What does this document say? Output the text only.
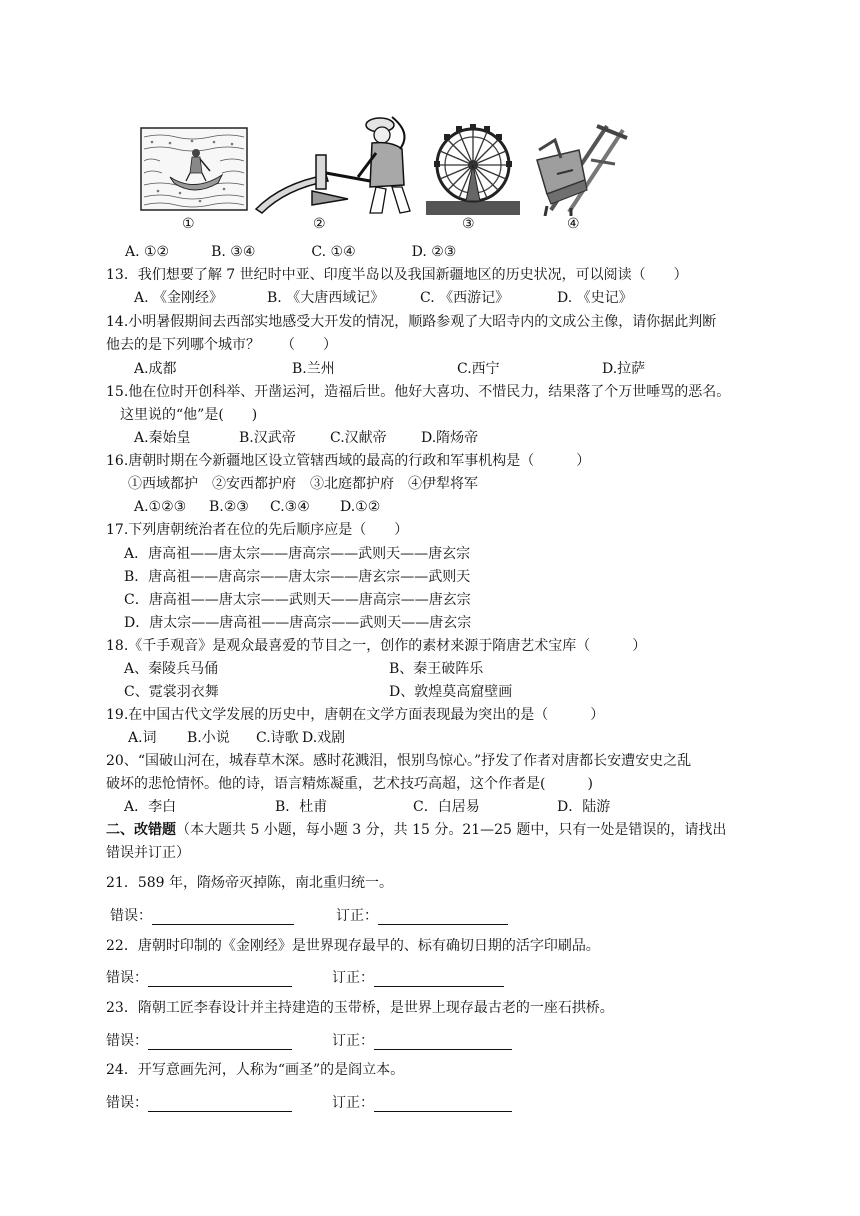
①	②	③	④
A. ①②　　　B. ③④　　　　C. ①④　　　　D. ②③
13．我们想要了解 7 世纪时中亚、印度半岛以及我国新疆地区的历史状况，可以阅读（　　）
A. 《金刚经》	B. 《大唐西域记》	C. 《西游记》	D. 《史记》
14.小明暑假期间去西部实地感受大开发的情况，顺路参观了大昭寺内的文成公主像，请你据此判断
他去的是下列哪个城市？　　（　　）
A.成都	B.兰州	C.西宁	D.拉萨
15.他在位时开创科举、开凿运河，造福后世。他好大喜功、不惜民力，结果落了个万世唾骂的恶名。
这里说的“他”是(　　)
A.秦始皇	B.汉武帝 C.汉献帝 D.隋炀帝
16.唐朝时期在今新疆地区设立管辖西域的最高的行政和军事机构是（　　　）
①西域都护　②安西都护府　③北庭都护府　④伊犁将军
A.①②③ B.②③ C.③④ D.①②
17.下列唐朝统治者在位的先后顺序应是（　　）
A．唐高祖——唐太宗——唐高宗——武则天——唐玄宗
B．唐高祖——唐高宗——唐太宗——唐玄宗——武则天
C．唐高祖——唐太宗——武则天——唐高宗——唐玄宗
D．唐太宗——唐高祖——唐高宗——武则天——唐玄宗
18.《千手观音》是观众最喜爱的节目之一，创作的素材来源于隋唐艺术宝库（　　　）
A、秦陵兵马俑	B、秦王破阵乐
C、霓裳羽衣舞	D、敦煌莫高窟壁画
19.在中国古代文学发展的历史中，唐朝在文学方面表现最为突出的是（　　　）
A.词 B.小说 C.诗歌 D.戏剧
20、“国破山河在，城春草木深。感时花溅泪，恨别鸟惊心。”抒发了作者对唐都长安遭安史之乱
破坏的悲怆情怀。他的诗，语言精炼凝重，艺术技巧高超，这个作者是(　　　)
A．李白	B．杜甫	C．白居易	D．陆游
二、改错题（本大题共 5 小题，每小题 3 分，共 15 分。21—25 题中，只有一处是错误的，请找出
错误并订正）
21．589 年，隋炀帝灭掉陈，南北重归统一。
错误：	订正：
22．唐朝时印制的《金刚经》是世界现存最早的、标有确切日期的活字印刷品。
错误：	订正：
23．隋朝工匠李春设计并主持建造的玉带桥，是世界上现存最古老的一座石拱桥。
错误：	订正：
24．开写意画先河，人称为“画圣”的是阎立本。
错误：	订正：
